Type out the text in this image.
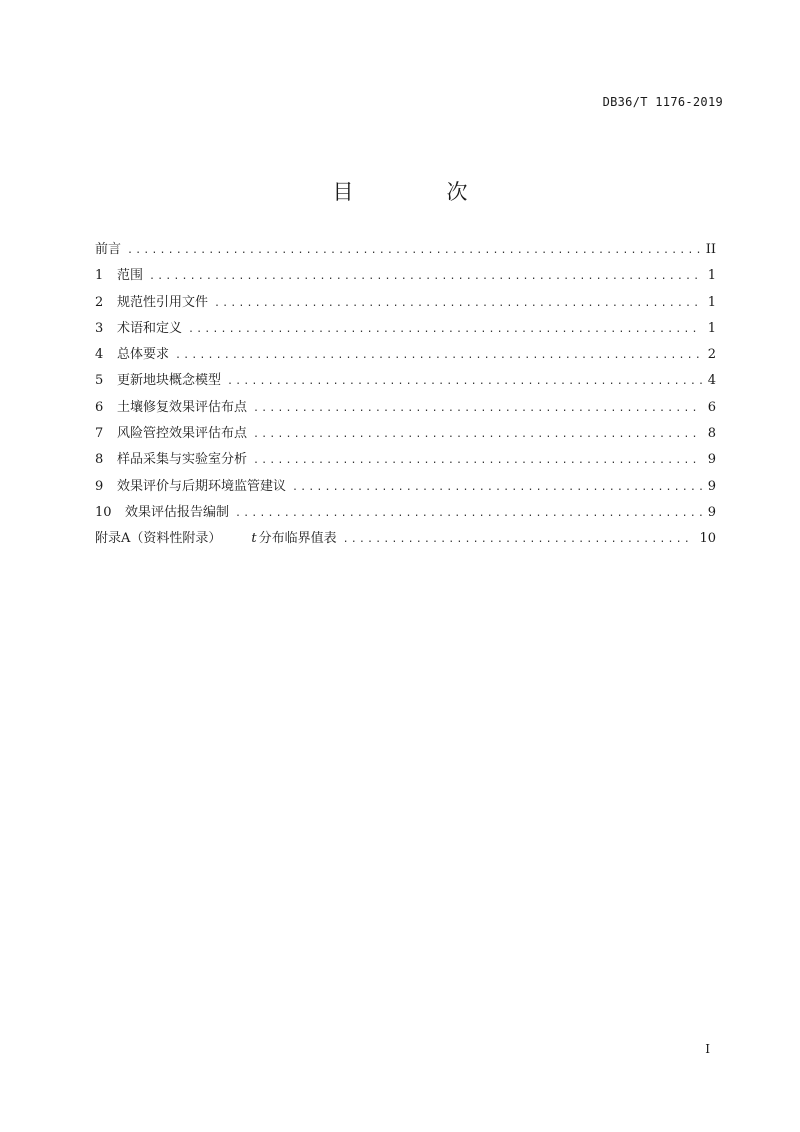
DB36/T 1176-2019
目　次
前言 .....	II
1	范围 .....	1
2	规范性引用文件 .....	1
3	术语和定义 .....	1
4	总体要求 .....	2
5	更新地块概念模型 .....	4
6	土壤修复效果评估布点 .....	6
7	风险管控效果评估布点 .....	8
8	样品采集与实验室分析 .....	9
9	效果评价与后期环境监管建议 .....	9
10	效果评估报告编制 .....	9
附录A（资料性附录） t 分布临界值表 .....	10
I
